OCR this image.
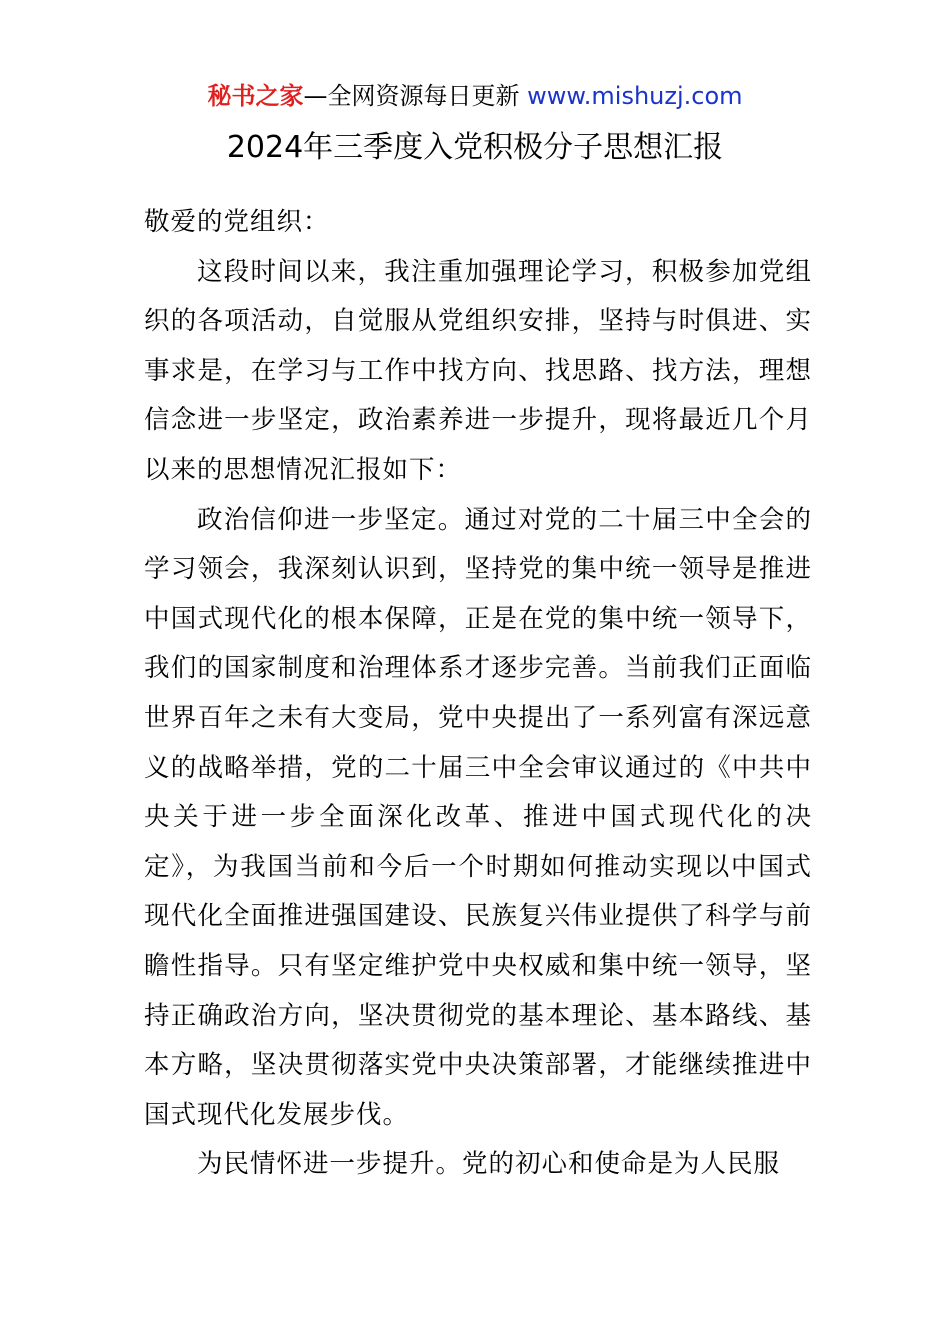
秘书之家—全网资源每日更新 www.mishuzj.com
2024年三季度入党积极分子思想汇报

敬爱的党组织：

这段时间以来，我注重加强理论学习，积极参加党组织的各项活动，自觉服从党组织安排，坚持与时俱进、实事求是，在学习与工作中找方向、找思路、找方法，理想信念进一步坚定，政治素养进一步提升，现将最近几个月以来的思想情况汇报如下：

政治信仰进一步坚定。通过对党的二十届三中全会的学习领会，我深刻认识到，坚持党的集中统一领导是推进中国式现代化的根本保障，正是在党的集中统一领导下，我们的国家制度和治理体系才逐步完善。当前我们正面临世界百年之未有大变局，党中央提出了一系列富有深远意义的战略举措，党的二十届三中全会审议通过的《中共中央关于进一步全面深化改革、推进中国式现代化的决定》，为我国当前和今后一个时期如何推动实现以中国式现代化全面推进强国建设、民族复兴伟业提供了科学与前瞻性指导。只有坚定维护党中央权威和集中统一领导，坚持正确政治方向，坚决贯彻党的基本理论、基本路线、基本方略，坚决贯彻落实党中央决策部署，才能继续推进中国式现代化发展步伐。

为民情怀进一步提升。党的初心和使命是为人民服
